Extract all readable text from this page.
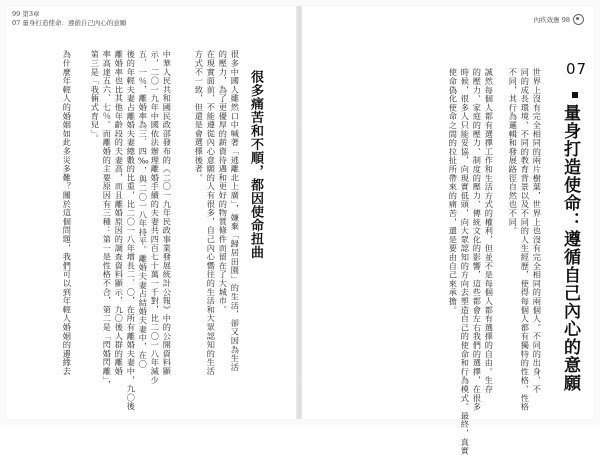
99 第3章
07 量身打造使命：遵循自己內心的意願
很多痛苦和不順，都因使命扭曲
很多中國人雖然口中喊著「逃離北上廣」，嫌棄「歸居田園」的生活，卻又因為生活
的壓力，為了更優厚的薪資待遇和更好的物質條件而留在了大城市。
在現實面前，不能遵從內心意願的人有很多，自己內心嚮往的生活和大眾認知的生活
方式不一致，但還是會選擇後者。
中華人民共和國民政部發布的《二〇一九年民政事業發展統計公報》中的公開資料顯
示，二〇一九年中國依法辦理離婚手續的夫妻共四百七十萬一千對，比二〇一八年減少
五．一％，離婚率為三．四‰，與二〇一八年持平。離婚夫妻占結婚夫妻中，在〇
後的年輕夫妻占離婚夫妻總數的比重，比二〇一八年增長二．〇，在所有離婚夫妻中，九〇後
離婚率也比其他年齡段的夫妻高，而且離婚原因的調查資料顯示，九〇後人群的離婚
率高達五六．七％。而離婚的主要原因有三種：第一是性格不合，第二是「閃婚閃離」，
第三是「我倆式育兒」。
為什麼年輕人的婚姻如此多災多難？關於這個問題，我們可以到年輕人婚姻的邊緣去
內疚效應 98
07
量身打造使命：遵循自己內心的意願
世界上沒有完全相同的兩片樹葉，世界上也沒有完全相同的兩個人。不同的出身、不
同的成長環境、不同的教育背景以及不同的人生經歷，使得每個人都有獨特的性格、性格
不同，其行為邏輯和發展路徑自然也不同。
誠然每個人都有選擇工作和生活方式的權利，但並不是每個人都有選擇的自由。生存
的壓力、家庭的壓力、制度的壓力、傳統文化的影響，這些都會左右我們的選擇，在很多
時候，很多人只能妥協，向現實低頭，向大眾認知的方向去塑造自己的使命和行為模式。最終，真實
使命偽化使命之間的拉扯所帶來的痛苦，還是要由自己來承擔。
